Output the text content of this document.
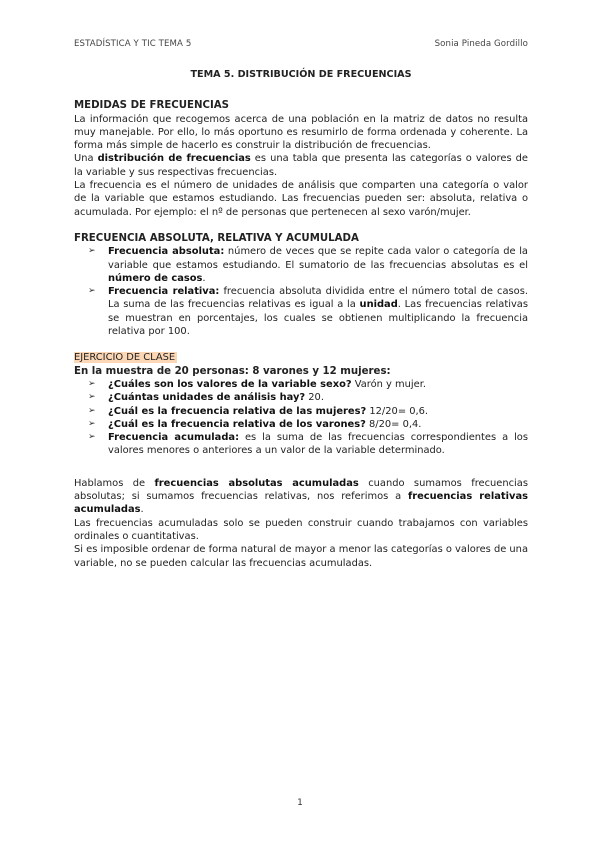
ESTADÍSTICA Y TIC TEMA 5	Sonia Pineda Gordillo
TEMA 5. DISTRIBUCIÓN DE FRECUENCIAS
MEDIDAS DE FRECUENCIAS

La información que recogemos acerca de una población en la matriz de datos no resulta muy manejable. Por ello, lo más oportuno es resumirlo de forma ordenada y coherente. La forma más simple de hacerlo es construir la distribución de frecuencias.

Una distribución de frecuencias es una tabla que presenta las categorías o valores de la variable y sus respectivas frecuencias.

La frecuencia es el número de unidades de análisis que comparten una categoría o valor de la variable que estamos estudiando. Las frecuencias pueden ser: absoluta, relativa o acumulada. Por ejemplo: el nº de personas que pertenecen al sexo varón/mujer.

FRECUENCIA ABSOLUTA, RELATIVA Y ACUMULADA
➢ Frecuencia absoluta: número de veces que se repite cada valor o categoría de la variable que estamos estudiando. El sumatorio de las frecuencias absolutas es el número de casos.
➢ Frecuencia relativa: frecuencia absoluta dividida entre el número total de casos. La suma de las frecuencias relativas es igual a la unidad. Las frecuencias relativas se muestran en porcentajes, los cuales se obtienen multiplicando la frecuencia relativa por 100.
EJERCICIO DE CLASE
En la muestra de 20 personas: 8 varones y 12 mujeres:
➢ ¿Cuáles son los valores de la variable sexo? Varón y mujer.
➢ ¿Cuántas unidades de análisis hay? 20.
➢ ¿Cuál es la frecuencia relativa de las mujeres? 12/20= 0,6.
➢ ¿Cuál es la frecuencia relativa de los varones? 8/20= 0,4.
➢ Frecuencia acumulada: es la suma de las frecuencias correspondientes a los valores menores o anteriores a un valor de la variable determinado.

Hablamos de frecuencias absolutas acumuladas cuando sumamos frecuencias absolutas; si sumamos frecuencias relativas, nos referimos a frecuencias relativas acumuladas.

Las frecuencias acumuladas solo se pueden construir cuando trabajamos con variables ordinales o cuantitativas.

Si es imposible ordenar de forma natural de mayor a menor las categorías o valores de una variable, no se pueden calcular las frecuencias acumuladas.

1
